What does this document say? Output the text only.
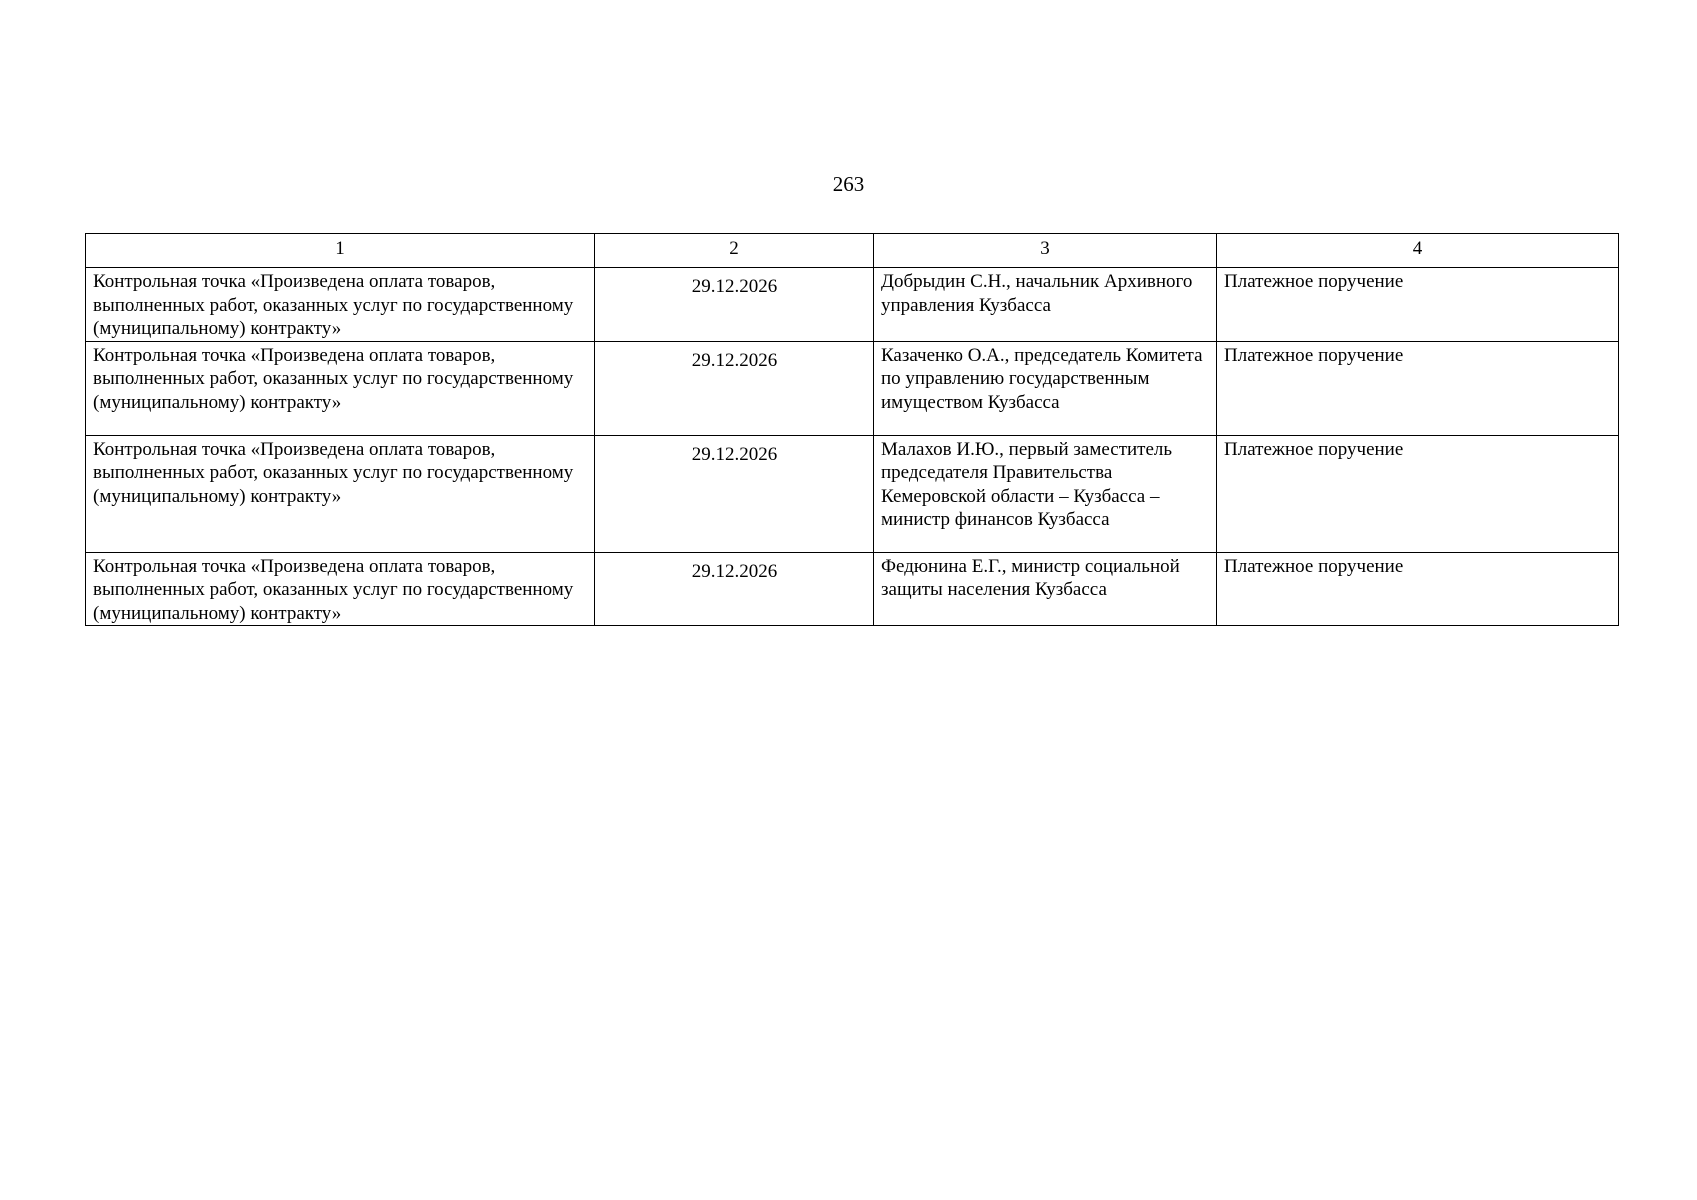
263
1	2	3	4
Контрольная точка «Произведена оплата товаров, выполненных работ, оказанных услуг по государственному (муниципальному) контракту»	29.12.2026	Добрыдин С.Н., начальник Архивного управления Кузбасса	Платежное поручение
Контрольная точка «Произведена оплата товаров, выполненных работ, оказанных услуг по государственному (муниципальному) контракту»	29.12.2026	Казаченко О.А., председатель Комитета по управлению государственным имуществом Кузбасса	Платежное поручение
Контрольная точка «Произведена оплата товаров, выполненных работ, оказанных услуг по государственному (муниципальному) контракту»	29.12.2026	Малахов И.Ю., первый заместитель председателя Правительства Кемеровской области – Кузбасса – министр финансов Кузбасса	Платежное поручение
Контрольная точка «Произведена оплата товаров, выполненных работ, оказанных услуг по государственному (муниципальному) контракту»	29.12.2026	Федюнина Е.Г., министр социальной защиты населения Кузбасса	Платежное поручение
